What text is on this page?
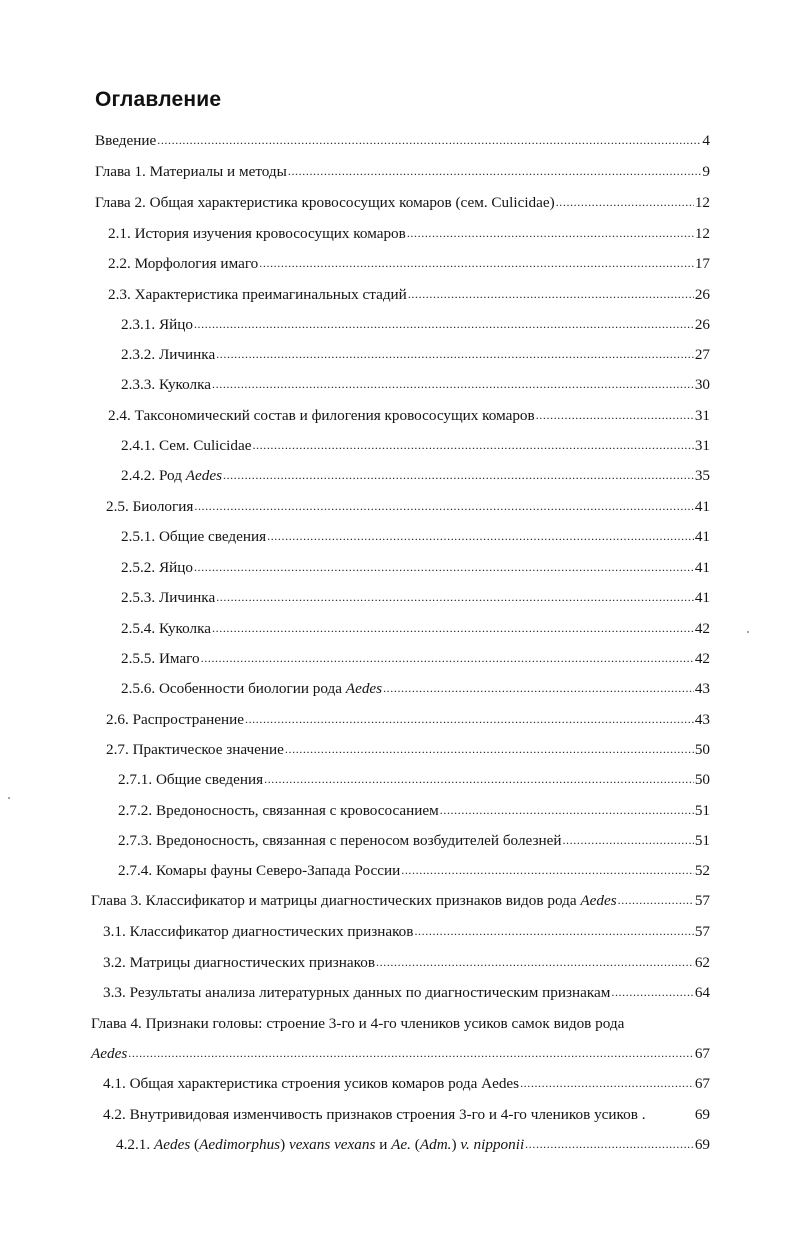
Оглавление
Введение .....	4
Глава 1. Материалы и методы .....	9
Глава 2. Общая характеристика кровососущих комаров (сем. Culicidae) .....	12
2.1. История изучения кровососущих комаров .....	12
2.2. Морфология имаго .....	17
2.3. Характеристика преимагинальных стадий .....	26
2.3.1. Яйцо .....	26
2.3.2. Личинка .....	27
2.3.3. Куколка .....	30
2.4. Таксономический состав и филогения кровососущих комаров .....	31
2.4.1. Сем. Culicidae .....	31
2.4.2. Род Aedes .....	35
2.5. Биология .....	41
2.5.1. Общие сведения .....	41
2.5.2. Яйцо .....	41
2.5.3. Личинка .....	41
2.5.4. Куколка .....	42
2.5.5. Имаго .....	42
2.5.6. Особенности биологии рода Aedes .....	43
2.6. Распространение .....	43
2.7. Практическое значение .....	50
2.7.1. Общие сведения .....	50
2.7.2. Вредоносность, связанная с кровососанием .....	51
2.7.3. Вредоносность, связанная с переносом возбудителей болезней .....	51
2.7.4. Комары фауны Северо-Запада России .....	52
Глава 3. Классификатор и матрицы диагностических признаков видов рода Aedes .....	57
3.1. Классификатор диагностических признаков .....	57
3.2. Матрицы диагностических признаков .....	62
3.3. Результаты анализа литературных данных по диагностическим признакам .....	64
Глава 4. Признаки головы: строение 3-го и 4-го члеников усиков самок видов рода
Aedes .....	67
4.1. Общая характеристика строения усиков комаров рода Aedes .....	67
4.2. Внутривидовая изменчивость признаков строения 3-го и 4-го члеников усиков .	69
4.2.1. Aedes (Aedimorphus) vexans vexans и Ae. (Adm.) v. nipponii .....	69
